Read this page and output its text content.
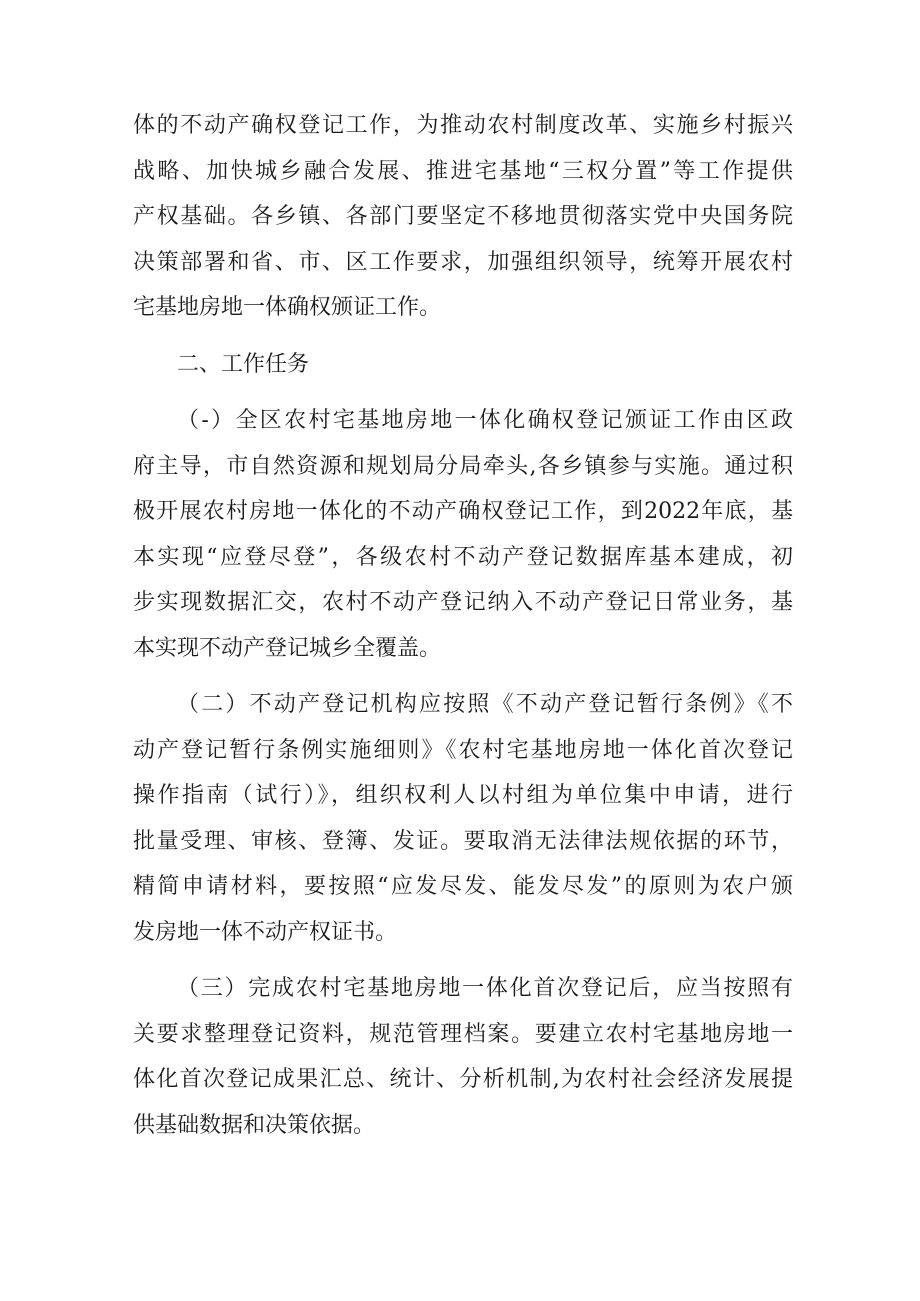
体的不动产确权登记工作，为推动农村制度改革、实施乡村振兴
战略、加快城乡融合发展、推进宅基地“三权分置”等工作提供
产权基础。各乡镇、各部门要坚定不移地贯彻落实党中央国务院
决策部署和省、市、区工作要求，加强组织领导，统筹开展农村
宅基地房地一体确权颁证工作。
二、工作任务
（-）全区农村宅基地房地一体化确权登记颁证工作由区政
府主导，市自然资源和规划局分局牵头,各乡镇参与实施。通过积
极开展农村房地一体化的不动产确权登记工作，到2022年底，基
本实现“应登尽登”，各级农村不动产登记数据库基本建成，初
步实现数据汇交，农村不动产登记纳入不动产登记日常业务，基
本实现不动产登记城乡全覆盖。
（二）不动产登记机构应按照《不动产登记暂行条例》《不
动产登记暂行条例实施细则》《农村宅基地房地一体化首次登记
操作指南（试行）》，组织权利人以村组为单位集中申请，进行
批量受理、审核、登簿、发证。要取消无法律法规依据的环节，
精简申请材料，要按照“应发尽发、能发尽发”的原则为农户颁
发房地一体不动产权证书。
（三）完成农村宅基地房地一体化首次登记后，应当按照有
关要求整理登记资料，规范管理档案。要建立农村宅基地房地一
体化首次登记成果汇总、统计、分析机制,为农村社会经济发展提
供基础数据和决策依据。
